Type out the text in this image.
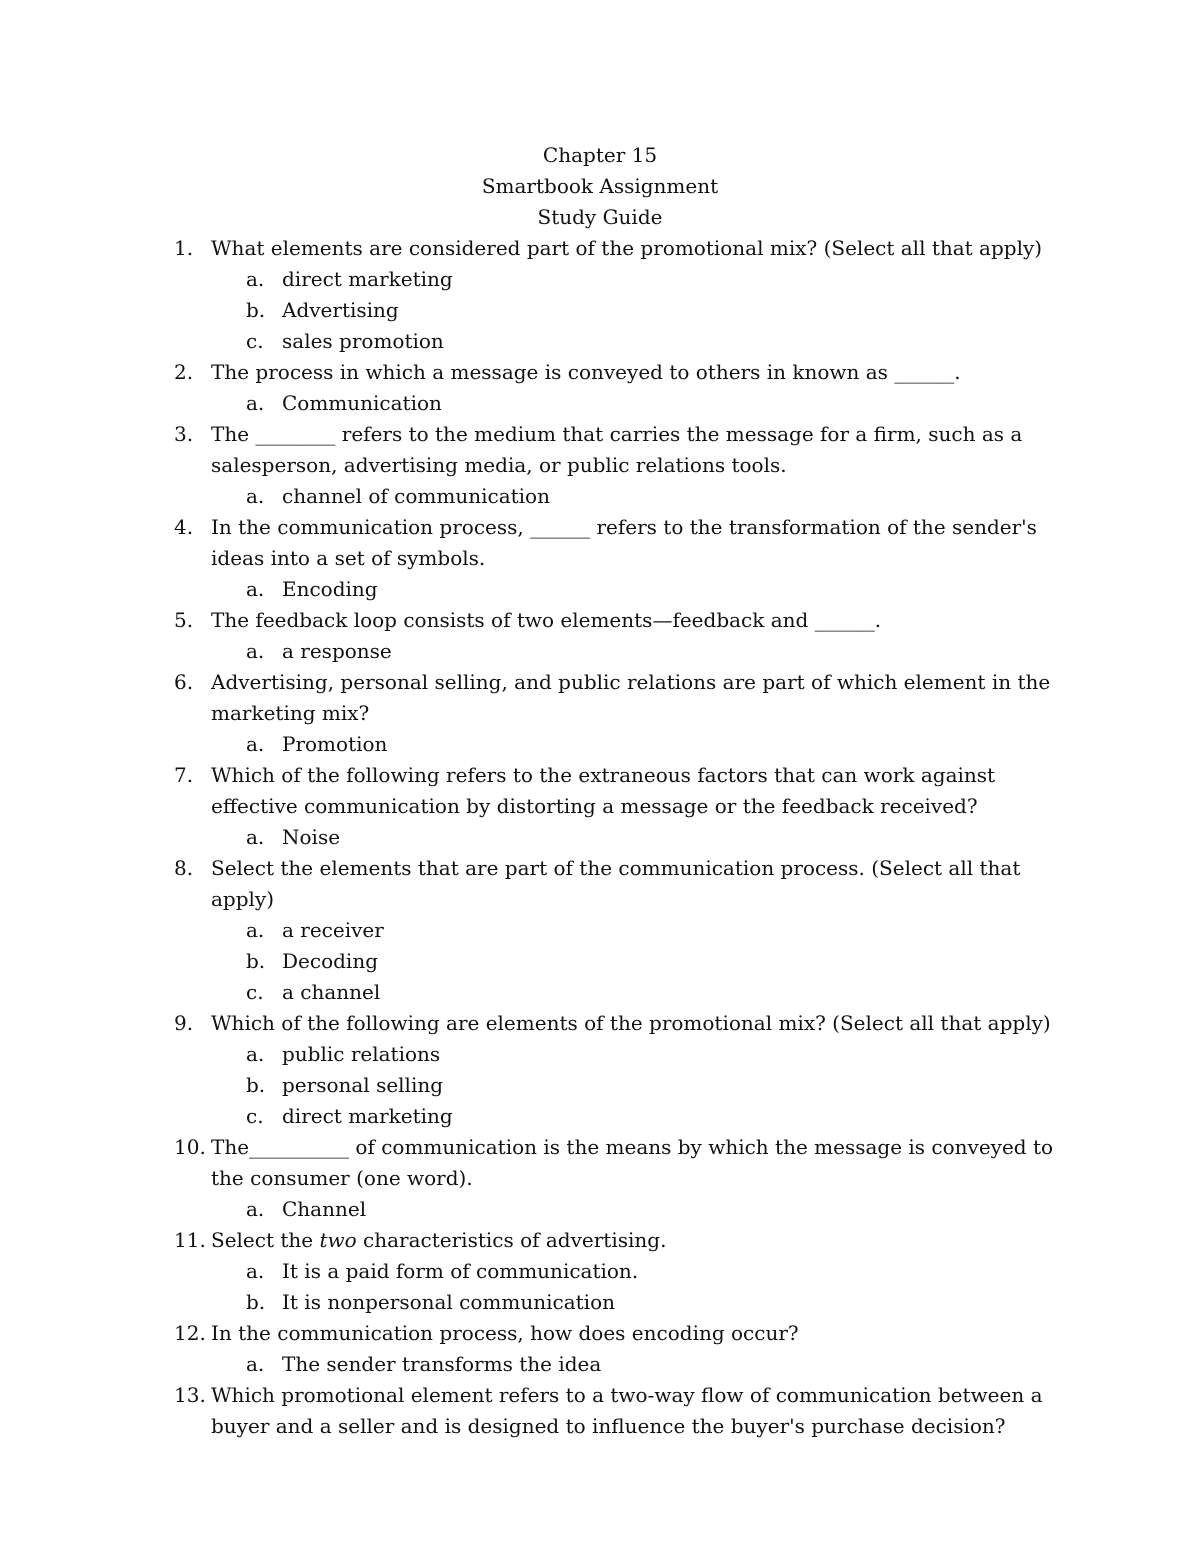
Chapter 15
Smartbook Assignment
Study Guide
1. What elements are considered part of the promotional mix? (Select all that apply)
a. direct marketing
b. Advertising
c. sales promotion
2. The process in which a message is conveyed to others in known as ______.
a. Communication
3. The ________ refers to the medium that carries the message for a firm, such as a salesperson, advertising media, or public relations tools.
a. channel of communication
4. In the communication process, ______ refers to the transformation of the sender's ideas into a set of symbols.
a. Encoding
5. The feedback loop consists of two elements—feedback and ______.
a. a response
6. Advertising, personal selling, and public relations are part of which element in the marketing mix?
a. Promotion
7. Which of the following refers to the extraneous factors that can work against effective communication by distorting a message or the feedback received?
a. Noise
8. Select the elements that are part of the communication process. (Select all that apply)
a. a receiver
b. Decoding
c. a channel
9. Which of the following are elements of the promotional mix? (Select all that apply)
a. public relations
b. personal selling
c. direct marketing
10. The__________ of communication is the means by which the message is conveyed to the consumer (one word).
a. Channel
11. Select the two characteristics of advertising.
a. It is a paid form of communication.
b. It is nonpersonal communication
12. In the communication process, how does encoding occur?
a. The sender transforms the idea
13. Which promotional element refers to a two-way flow of communication between a buyer and a seller and is designed to influence the buyer's purchase decision?
